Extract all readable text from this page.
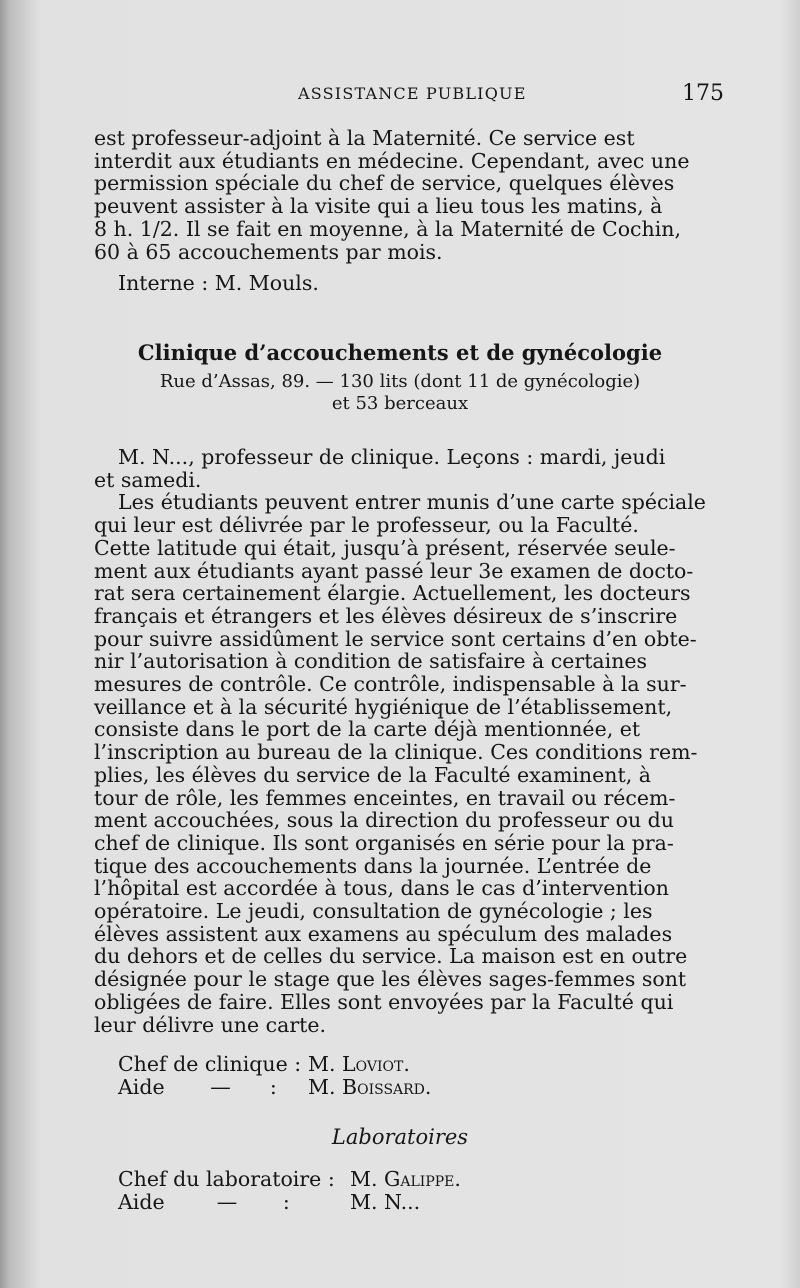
ASSISTANCE PUBLIQUE	175
est professeur-adjoint à la Maternité. Ce service est
interdit aux étudiants en médecine. Cependant, avec une
permission spéciale du chef de service, quelques élèves
peuvent assister à la visite qui a lieu tous les matins, à
8 h. 1/2. Il se fait en moyenne, à la Maternité de Cochin,
60 à 65 accouchements par mois.
Interne : M. Mouls.
Clinique d’accouchements et de gynécologie
Rue d’Assas, 89. — 130 lits (dont 11 de gynécologie)
et 53 berceaux
M. N..., professeur de clinique. Leçons : mardi, jeudi
et samedi.
Les étudiants peuvent entrer munis d’une carte spéciale
qui leur est délivrée par le professeur, ou la Faculté.
Cette latitude qui était, jusqu’à présent, réservée seule-
ment aux étudiants ayant passé leur 3e examen de docto-
rat sera certainement élargie. Actuellement, les docteurs
français et étrangers et les élèves désireux de s’inscrire
pour suivre assidûment le service sont certains d’en obte-
nir l’autorisation à condition de satisfaire à certaines
mesures de contrôle. Ce contrôle, indispensable à la sur-
veillance et à la sécurité hygiénique de l’établissement,
consiste dans le port de la carte déjà mentionnée, et
l’inscription au bureau de la clinique. Ces conditions rem-
plies, les élèves du service de la Faculté examinent, à
tour de rôle, les femmes enceintes, en travail ou récem-
ment accouchées, sous la direction du professeur ou du
chef de clinique. Ils sont organisés en série pour la pra-
tique des accouchements dans la journée. L’entrée de
l’hôpital est accordée à tous, dans le cas d’intervention
opératoire. Le jeudi, consultation de gynécologie ; les
élèves assistent aux examens au spéculum des malades
du dehors et de celles du service. La maison est en outre
désignée pour le stage que les élèves sages-femmes sont
obligées de faire. Elles sont envoyées par la Faculté qui
leur délivre une carte.
Chef de clinique : M. Loviot.
Aide       —      : M. Boissard.
Laboratoires
Chef du laboratoire : M. Galippe.
Aide        —       :	M. N...
